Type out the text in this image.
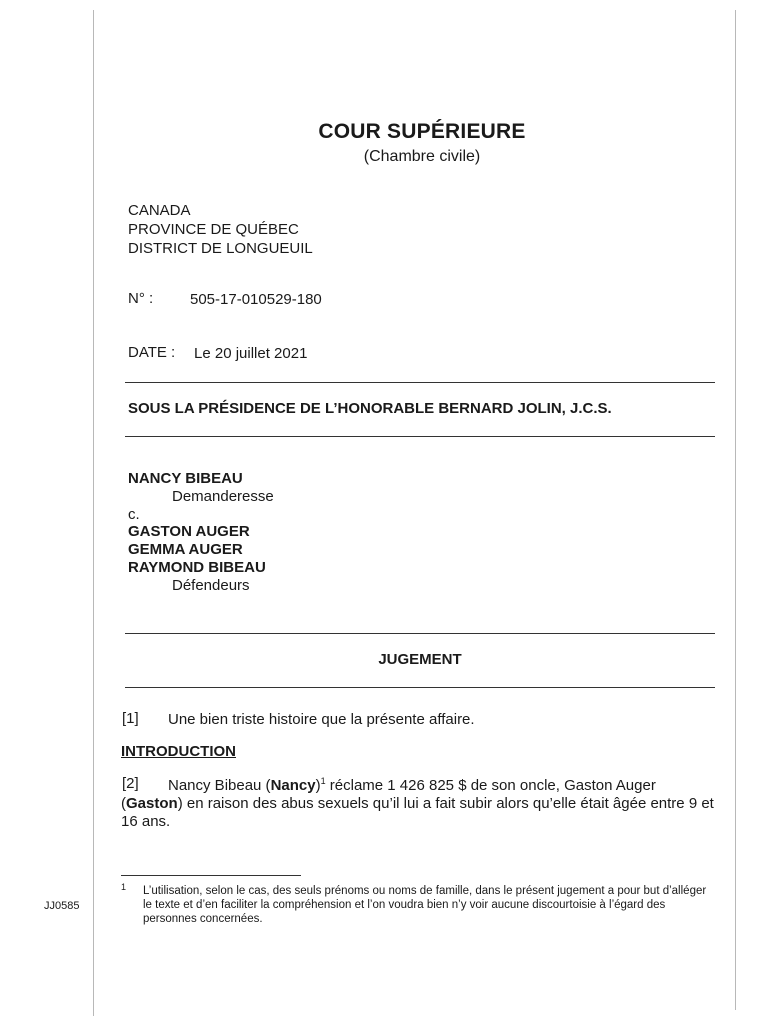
COUR SUPÉRIEURE
(Chambre civile)
CANADA
PROVINCE DE QUÉBEC
DISTRICT DE LONGUEUIL
N° : 505-17-010529-180
DATE : Le 20 juillet 2021
SOUS LA PRÉSIDENCE DE L’HONORABLE BERNARD JOLIN, J.C.S.
NANCY BIBEAU
Demanderesse
c.
GASTON AUGER
GEMMA AUGER
RAYMOND BIBEAU
Défendeurs
JUGEMENT
[1] Une bien triste histoire que la présente affaire.
INTRODUCTION
[2] Nancy Bibeau (Nancy)$^1$ réclame 1 426 825 $ de son oncle, Gaston Auger
(Gaston) en raison des abus sexuels qu’il lui a fait subir alors qu’elle était âgée entre 9 et
16 ans.
1 L’utilisation, selon le cas, des seuls prénoms ou noms de famille, dans le présent jugement a pour but d’alléger le texte et d’en faciliter la compréhension et l’on voudra bien n’y voir aucune discourtoisie à l’égard des personnes concernées.
JJ0585
